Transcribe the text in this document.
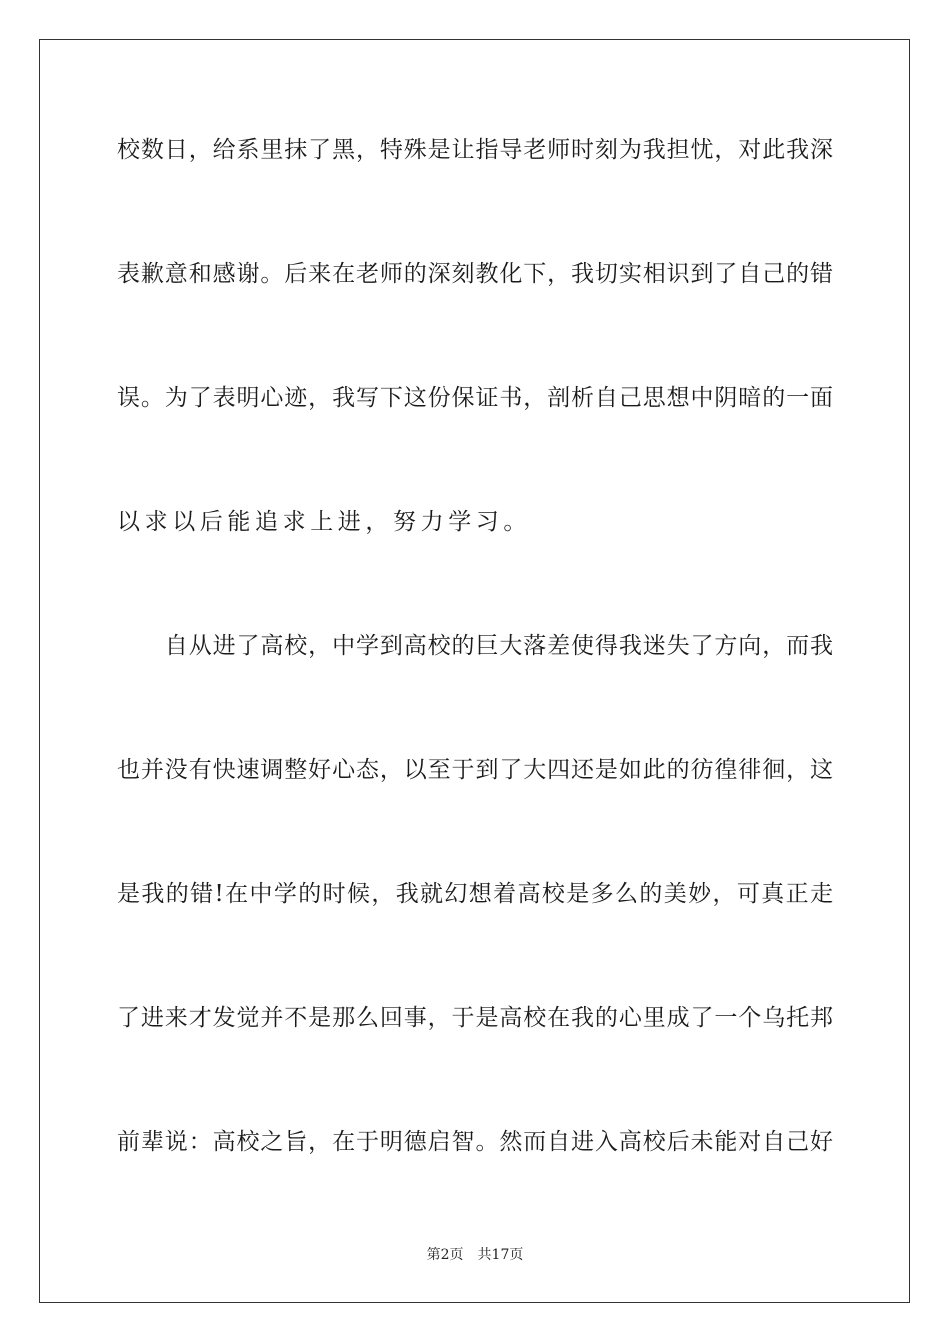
校数日，给系里抹了黑，特殊是让指导老师时刻为我担忧，对此我深
表歉意和感谢。后来在老师的深刻教化下，我切实相识到了自己的错
误。为了表明心迹，我写下这份保证书，剖析自己思想中阴暗的一面
以求以后能追求上进，努力学习。
　　自从进了高校，中学到高校的巨大落差使得我迷失了方向，而我
也并没有快速调整好心态，以至于到了大四还是如此的彷徨徘徊，这
是我的错!在中学的时候，我就幻想着高校是多么的美妙，可真正走
了进来才发觉并不是那么回事，于是高校在我的心里成了一个乌托邦
前辈说：高校之旨，在于明德启智。然而自进入高校后未能对自己好
第2页 共17页
